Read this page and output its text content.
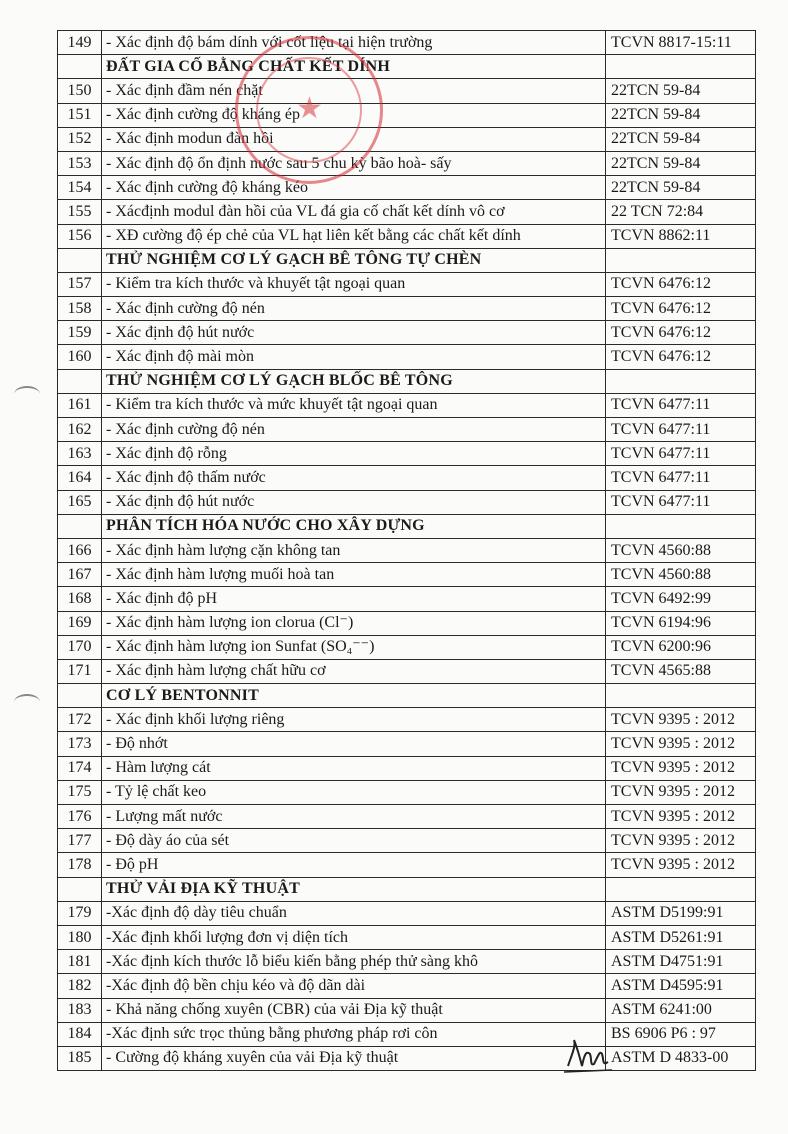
149	- Xác định độ bám dính với cốt liệu tại hiện trường	TCVN 8817-15:11
	ĐẤT GIA CỐ BẰNG CHẤT KẾT DÍNH	
150	- Xác định đầm nén chặt	22TCN 59-84
151	- Xác định cường độ kháng ép	22TCN 59-84
152	- Xác định modun đàn hồi	22TCN 59-84
153	- Xác định độ ổn định nước sau 5 chu kỳ bão hoà- sấy	22TCN 59-84
154	- Xác định cường độ kháng kéo	22TCN 59-84
155	- Xácđịnh modul đàn hồi của VL đá gia cố chất kết dính vô cơ	22 TCN 72:84
156	- XĐ cường độ ép chẻ của VL hạt liên kết bằng các chất kết dính	TCVN 8862:11
	THỬ NGHIỆM CƠ LÝ GẠCH BÊ TÔNG TỰ CHÈN	
157	- Kiểm tra kích thước và khuyết tật ngoại quan	TCVN 6476:12
158	- Xác định cường độ nén	TCVN 6476:12
159	- Xác định độ hút nước	TCVN 6476:12
160	- Xác định độ mài mòn	TCVN 6476:12
	THỬ NGHIỆM CƠ LÝ GẠCH BLỐC BÊ TÔNG	
161	- Kiểm tra kích thước và mức khuyết tật ngoại quan	TCVN 6477:11
162	- Xác định cường độ nén	TCVN 6477:11
163	- Xác định độ rỗng	TCVN 6477:11
164	- Xác định độ thấm nước	TCVN 6477:11
165	- Xác định độ hút nước	TCVN 6477:11
	PHÂN TÍCH HÓA NƯỚC CHO XÂY DỰNG	
166	- Xác định hàm lượng cặn không tan	TCVN 4560:88
167	- Xác định hàm lượng muối hoà tan	TCVN 4560:88
168	- Xác định độ pH	TCVN 6492:99
169	- Xác định hàm lượng ion clorua (Cl⁻)	TCVN 6194:96
170	- Xác định hàm lượng ion Sunfat (SO₄⁻⁻)	TCVN 6200:96
171	- Xác định hàm lượng chất hữu cơ	TCVN 4565:88
	CƠ LÝ BENTONNIT	
172	- Xác định khối lượng riêng	TCVN 9395 : 2012
173	- Độ nhớt	TCVN 9395 : 2012
174	- Hàm lượng cát	TCVN 9395 : 2012
175	- Tỷ lệ chất keo	TCVN 9395 : 2012
176	- Lượng mất nước	TCVN 9395 : 2012
177	- Độ dày áo của sét	TCVN 9395 : 2012
178	- Độ pH	TCVN 9395 : 2012
	THỬ VẢI ĐỊA KỸ THUẬT	
179	-Xác định độ dày tiêu chuẩn	ASTM D5199:91
180	-Xác định khối lượng đơn vị diện tích	ASTM D5261:91
181	-Xác định kích thước lỗ biểu kiến bằng phép thử sàng khô	ASTM D4751:91
182	-Xác định độ bền chịu kéo và độ dãn dài	ASTM D4595:91
183	- Khả năng chống xuyên (CBR) của vải Địa kỹ thuật	ASTM 6241:00
184	-Xác định sức trọc thủng bằng phương pháp rơi côn	BS 6906 P6 : 97
185	- Cường độ kháng xuyên của vải Địa kỹ thuật	ASTM D 4833-00
★
